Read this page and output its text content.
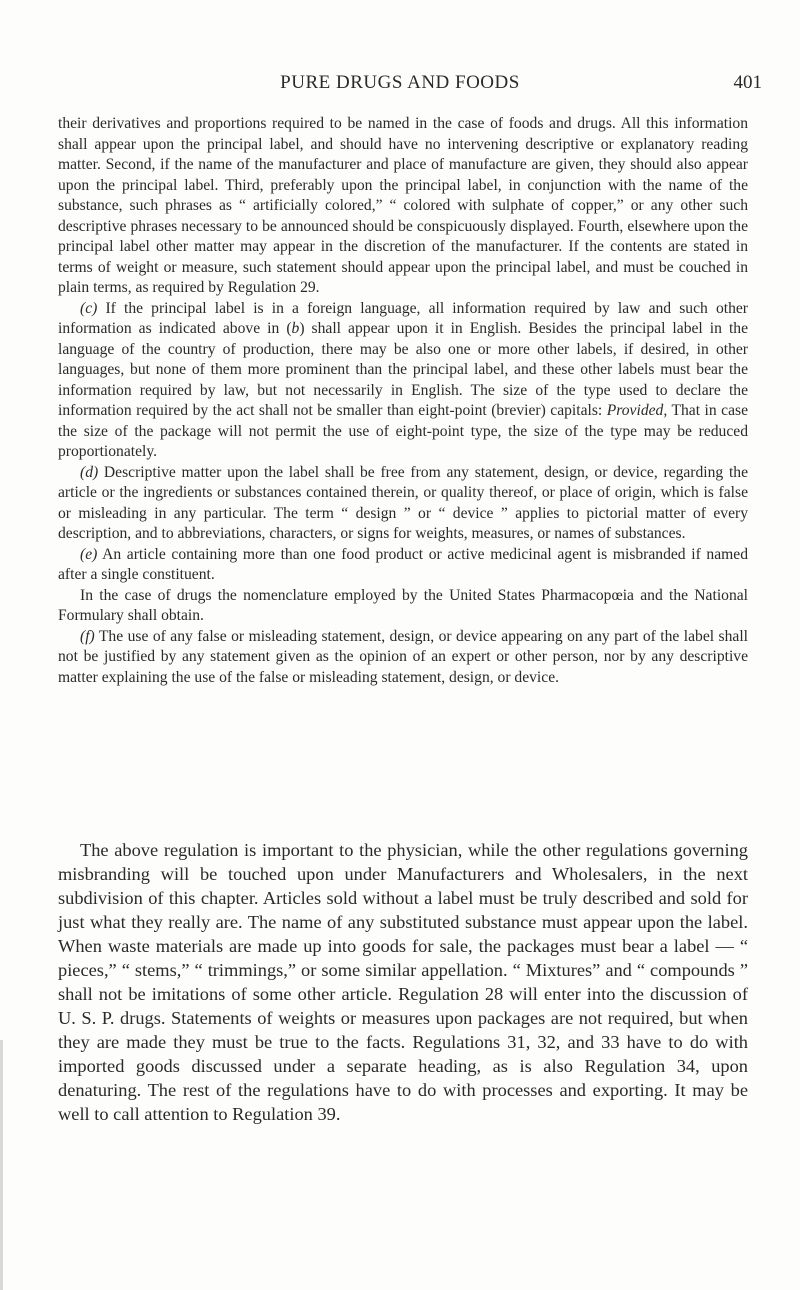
PURE DRUGS AND FOODS	401

their derivatives and proportions required to be named in the case of foods and drugs. All this information shall appear upon the principal label, and should have no intervening descriptive or explanatory reading matter. Second, if the name of the manufacturer and place of manufacture are given, they should also appear upon the principal label. Third, preferably upon the principal label, in conjunction with the name of the substance, such phrases as “ artificially colored,” “ colored with sulphate of copper,” or any other such descriptive phrases necessary to be announced should be conspicuously displayed. Fourth, elsewhere upon the principal label other matter may appear in the discretion of the manufacturer. If the contents are stated in terms of weight or measure, such statement should appear upon the principal label, and must be couched in plain terms, as required by Regulation 29.

(c) If the principal label is in a foreign language, all information required by law and such other information as indicated above in (b) shall appear upon it in English. Besides the principal label in the language of the country of production, there may be also one or more other labels, if desired, in other languages, but none of them more prominent than the principal label, and these other labels must bear the information required by law, but not necessarily in English. The size of the type used to declare the information required by the act shall not be smaller than eight-point (brevier) capitals: Provided, That in case the size of the package will not permit the use of eight-point type, the size of the type may be reduced proportionately.

(d) Descriptive matter upon the label shall be free from any statement, design, or device, regarding the article or the ingredients or substances contained therein, or quality thereof, or place of origin, which is false or misleading in any particular. The term “ design ” or “ device ” applies to pictorial matter of every description, and to abbreviations, characters, or signs for weights, measures, or names of substances.

(e) An article containing more than one food product or active medicinal agent is misbranded if named after a single constituent.

In the case of drugs the nomenclature employed by the United States Pharmacopœia and the National Formulary shall obtain.

(f) The use of any false or misleading statement, design, or device appearing on any part of the label shall not be justified by any statement given as the opinion of an expert or other person, nor by any descriptive matter explaining the use of the false or misleading statement, design, or device.

The above regulation is important to the physician, while the other regulations governing misbranding will be touched upon under Manufacturers and Wholesalers, in the next subdivision of this chapter. Articles sold without a label must be truly described and sold for just what they really are. The name of any substituted substance must appear upon the label. When waste materials are made up into goods for sale, the packages must bear a label — “ pieces,” “ stems,” “ trimmings,” or some similar appellation. “ Mixtures” and “ compounds ” shall not be imitations of some other article. Regulation 28 will enter into the discussion of U. S. P. drugs. Statements of weights or measures upon packages are not required, but when they are made they must be true to the facts. Regulations 31, 32, and 33 have to do with imported goods discussed under a separate heading, as is also Regulation 34, upon denaturing. The rest of the regulations have to do with processes and exporting. It may be well to call attention to Regulation 39.
